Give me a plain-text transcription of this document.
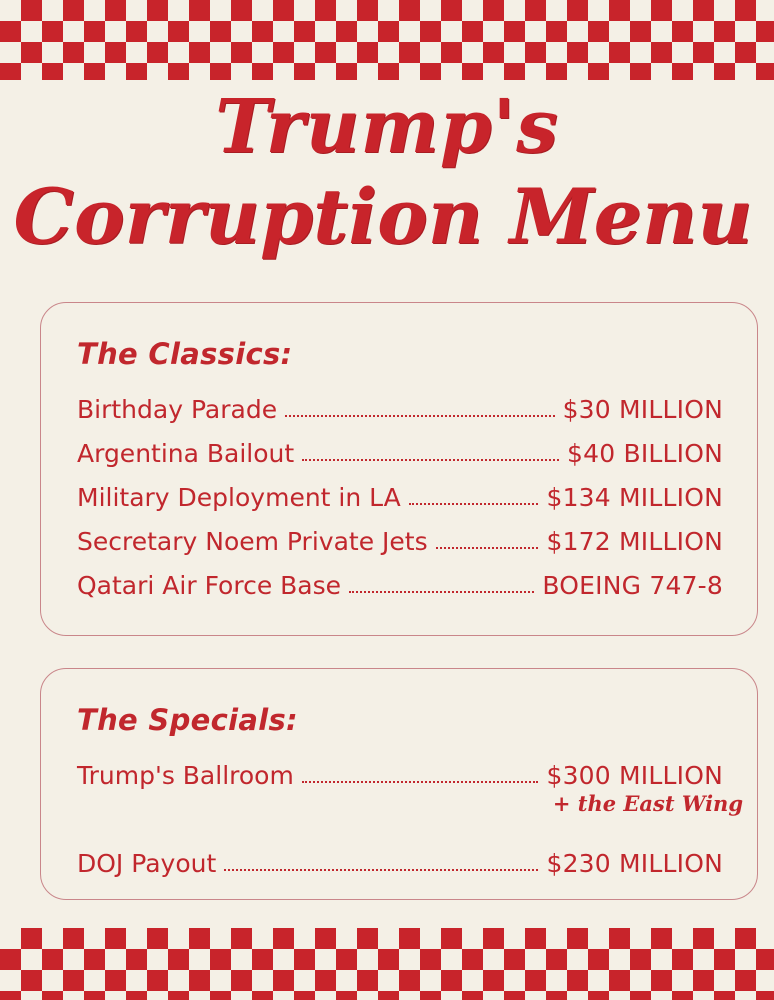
Trump's
Corruption Menu
The Classics:
Birthday Parade	$30 MILLION
Argentina Bailout	$40 BILLION
Military Deployment in LA	$134 MILLION
Secretary Noem Private Jets	$172 MILLION
Qatari Air Force Base	BOEING 747-8
The Specials:
Trump's Ballroom	$300 MILLION
+ the East Wing
DOJ Payout	$230 MILLION
